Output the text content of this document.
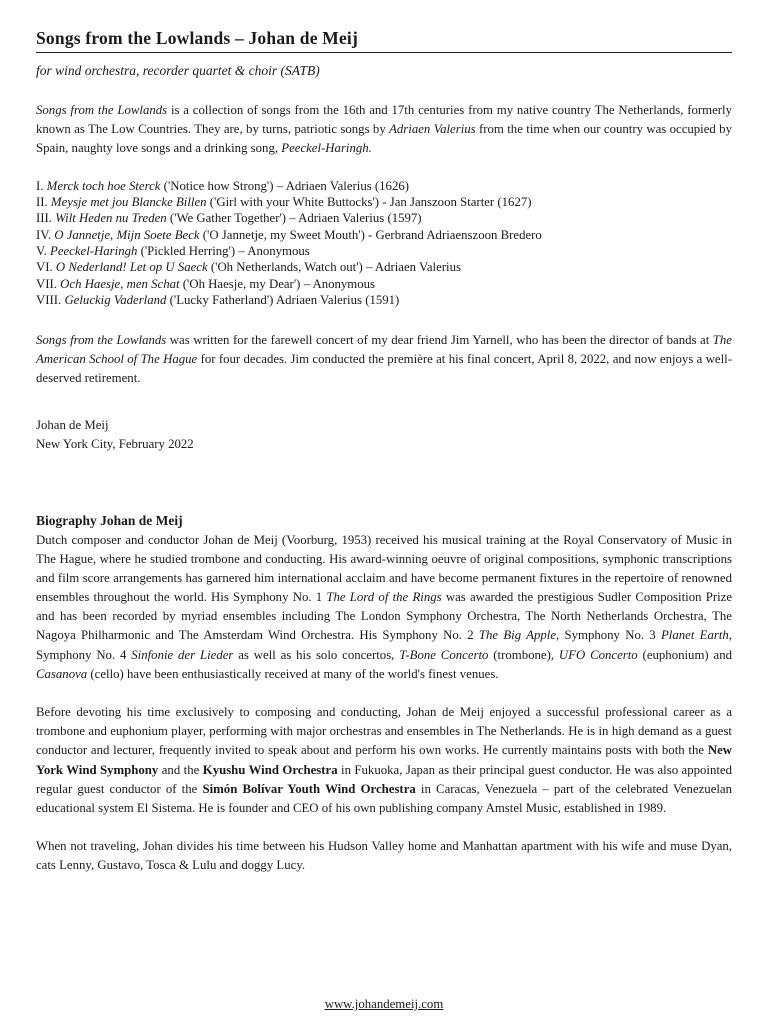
Songs from the Lowlands – Johan de Meij

for wind orchestra, recorder quartet & choir (SATB)

Songs from the Lowlands is a collection of songs from the 16th and 17th centuries from my native country The Netherlands, formerly known as The Low Countries. They are, by turns, patriotic songs by Adriaen Valerius from the time when our country was occupied by Spain, naughty love songs and a drinking song, Peeckel-Haringh.

I. Merck toch hoe Sterck ('Notice how Strong') – Adriaen Valerius (1626)
II. Meysje met jou Blancke Billen ('Girl with your White Buttocks') - Jan Janszoon Starter (1627)
III. Wilt Heden nu Treden ('We Gather Together') – Adriaen Valerius (1597)
IV. O Jannetje, Mijn Soete Beck ('O Jannetje, my Sweet Mouth') - Gerbrand Adriaenszoon Bredero
V. Peeckel-Haringh ('Pickled Herring') – Anonymous
VI. O Nederland! Let op U Saeck ('Oh Netherlands, Watch out') – Adriaen Valerius
VII. Och Haesje, men Schat ('Oh Haesje, my Dear') – Anonymous
VIII. Geluckig Vaderland ('Lucky Fatherland') Adriaen Valerius (1591)

Songs from the Lowlands was written for the farewell concert of my dear friend Jim Yarnell, who has been the director of bands at The American School of The Hague for four decades. Jim conducted the première at his final concert, April 8, 2022, and now enjoys a well-deserved retirement.

Johan de Meij
New York City, February 2022
Biography Johan de Meij

Dutch composer and conductor Johan de Meij (Voorburg, 1953) received his musical training at the Royal Conservatory of Music in The Hague, where he studied trombone and conducting. His award-winning oeuvre of original compositions, symphonic transcriptions and film score arrangements has garnered him international acclaim and have become permanent fixtures in the repertoire of renowned ensembles throughout the world. His Symphony No. 1 The Lord of the Rings was awarded the prestigious Sudler Composition Prize and has been recorded by myriad ensembles including The London Symphony Orchestra, The North Netherlands Orchestra, The Nagoya Philharmonic and The Amsterdam Wind Orchestra. His Symphony No. 2 The Big Apple, Symphony No. 3 Planet Earth, Symphony No. 4 Sinfonie der Lieder as well as his solo concertos, T-Bone Concerto (trombone), UFO Concerto (euphonium) and Casanova (cello) have been enthusiastically received at many of the world's finest venues.

Before devoting his time exclusively to composing and conducting, Johan de Meij enjoyed a successful professional career as a trombone and euphonium player, performing with major orchestras and ensembles in The Netherlands. He is in high demand as a guest conductor and lecturer, frequently invited to speak about and perform his own works. He currently maintains posts with both the New York Wind Symphony and the Kyushu Wind Orchestra in Fukuoka, Japan as their principal guest conductor. He was also appointed regular guest conductor of the Simón Bolívar Youth Wind Orchestra in Caracas, Venezuela – part of the celebrated Venezuelan educational system El Sistema. He is founder and CEO of his own publishing company Amstel Music, established in 1989.

When not traveling, Johan divides his time between his Hudson Valley home and Manhattan apartment with his wife and muse Dyan, cats Lenny, Gustavo, Tosca & Lulu and doggy Lucy.

www.johandemeij.com
